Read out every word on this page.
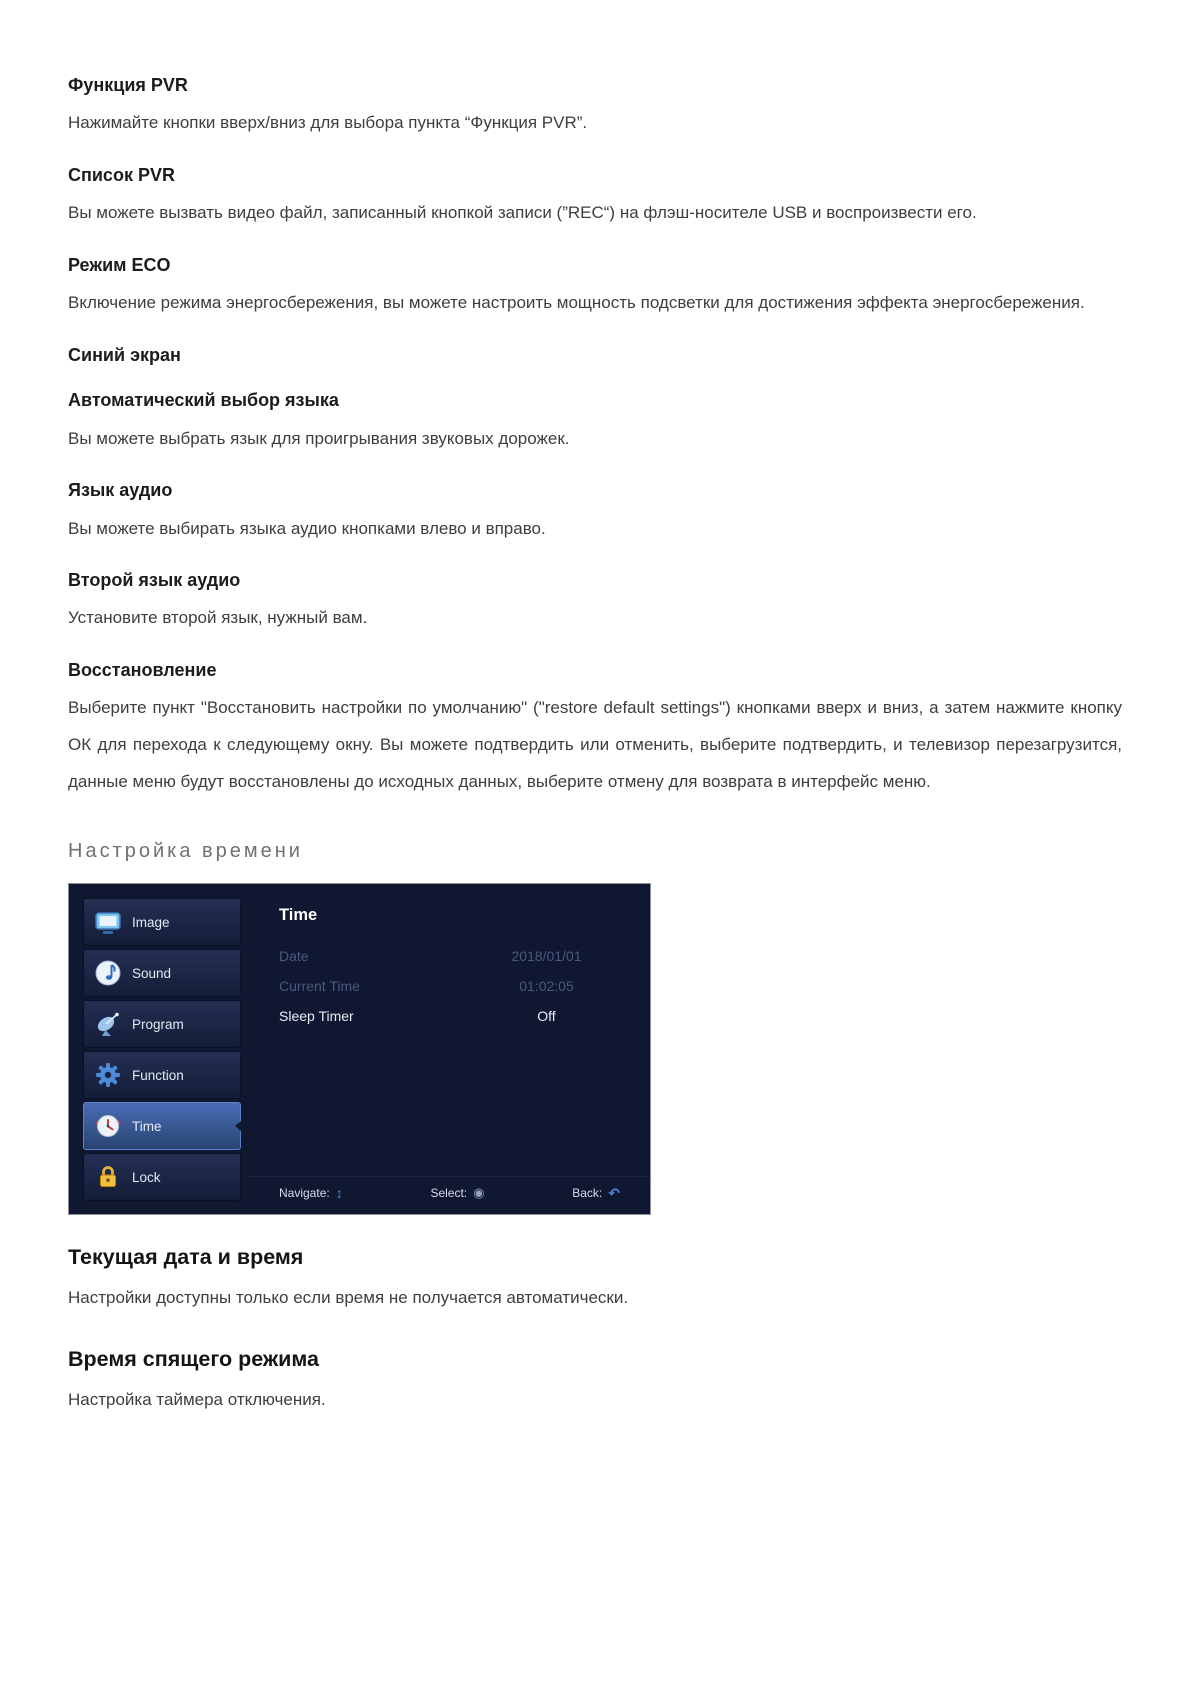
Функция PVR

Нажимайте кнопки вверх/вниз для выбора пункта “Функция PVR”.

Список PVR

Вы можете вызвать видео файл, записанный кнопкой записи (”REC“) на флэш-носителе USB и воспроизвести его.

Режим ECO

Включение режима энергосбережения, вы можете настроить мощность подсветки для достижения эффекта энергосбережения.

Синий экран
Автоматический выбор языка

Вы можете выбрать язык для проигрывания звуковых дорожек.

Язык аудио

Вы можете выбирать языка аудио кнопками влево и вправо.

Второй язык аудио

Установите второй язык, нужный вам.

Восстановление

Выберите пункт "Восстановить настройки по умолчанию" ("restore default settings") кнопками вверх и вниз, а затем нажмите кнопку ОК для перехода к следующему окну. Вы можете подтвердить или отменить, выберите подтвердить, и телевизор перезагрузится, данные меню будут восстановлены до исходных данных, выберите отмену для возврата в интерфейс меню.

Настройка времени
Image
Sound
Program
Function
Time
Lock
Time
Date	2018/01/01
Current Time	01:02:05
Sleep Timer	Off
Navigate: ↕	Select: ◉	Back: ↶
Текущая дата и время

Настройки доступны только если время не получается автоматически.

Время спящего режима

Настройка таймера отключения.
